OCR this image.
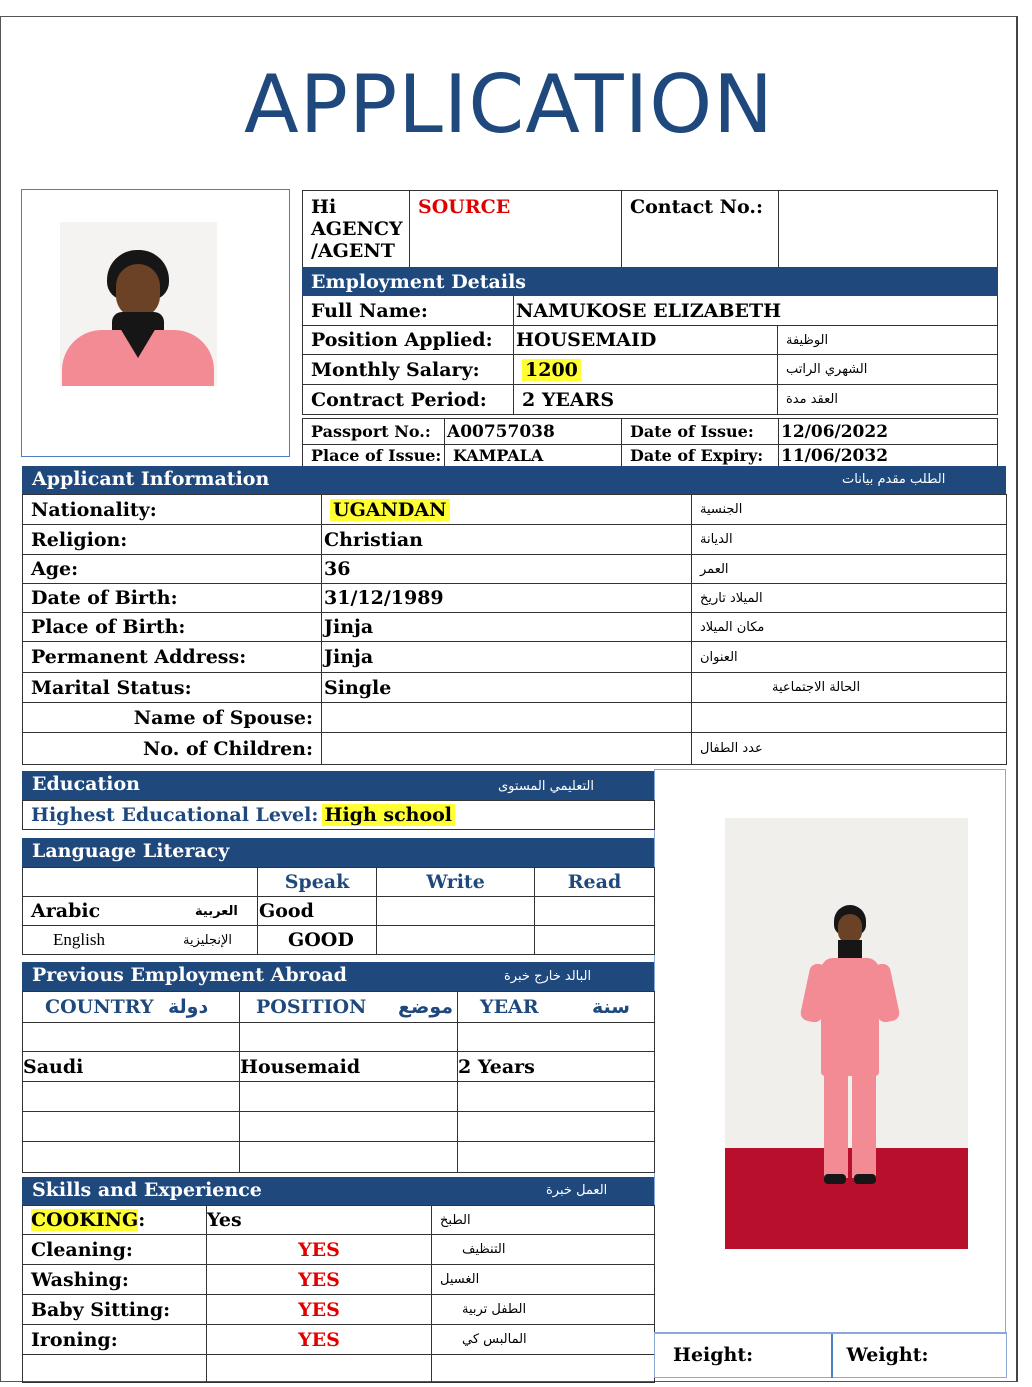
APPLICATION
Hi
AGENCY
/AGENT	SOURCE	Contact No.:	
Employment Details		
Full Name:	NAMUKOSE ELIZABETH	
Position Applied:	HOUSEMAID	الوظيفة
Monthly Salary:	1200	الشهري الراتب
Contract Period:	2 YEARS	العقد مدة
Passport No.:	A00757038	Date of Issue:	12/06/2022
Place of Issue:	KAMPALA	Date of Expiry:	11/06/2032
Applicant Information	الطلب مقدم بيانات
Nationality:	UGANDAN	الجنسية
Religion:	Christian	الديانة
Age:	36	العمر
Date of Birth:	31/12/1989	الميلاد تاريخ
Place of Birth:	Jinja	مكان الميلاد
Permanent Address:	Jinja	العنوان
Marital Status:	Single	الحالة الاجتماعية
Name of Spouse:		
No. of Children:		عدد الطفال
Education	التعليمي المستوى
Highest Educational Level:	High school
Language Literacy
	Speak	Write	Read
Arabic العربية	Good		
English الإنجليزية	GOOD		
Previous Employment Abroad	البالد خارج خبرة
COUNTRY دولة	POSITION موضع	YEAR سنة

Saudi	Housemaid	2 Years

Skills and Experience	العمل خبرة
COOKING:	Yes	الطبخ
Cleaning:	YES	التنظيف
Washing:	YES	الغسيل
Baby Sitting:	YES	الطفل تربية
Ironing:	YES	المالبس كي

Height:	Weight:
